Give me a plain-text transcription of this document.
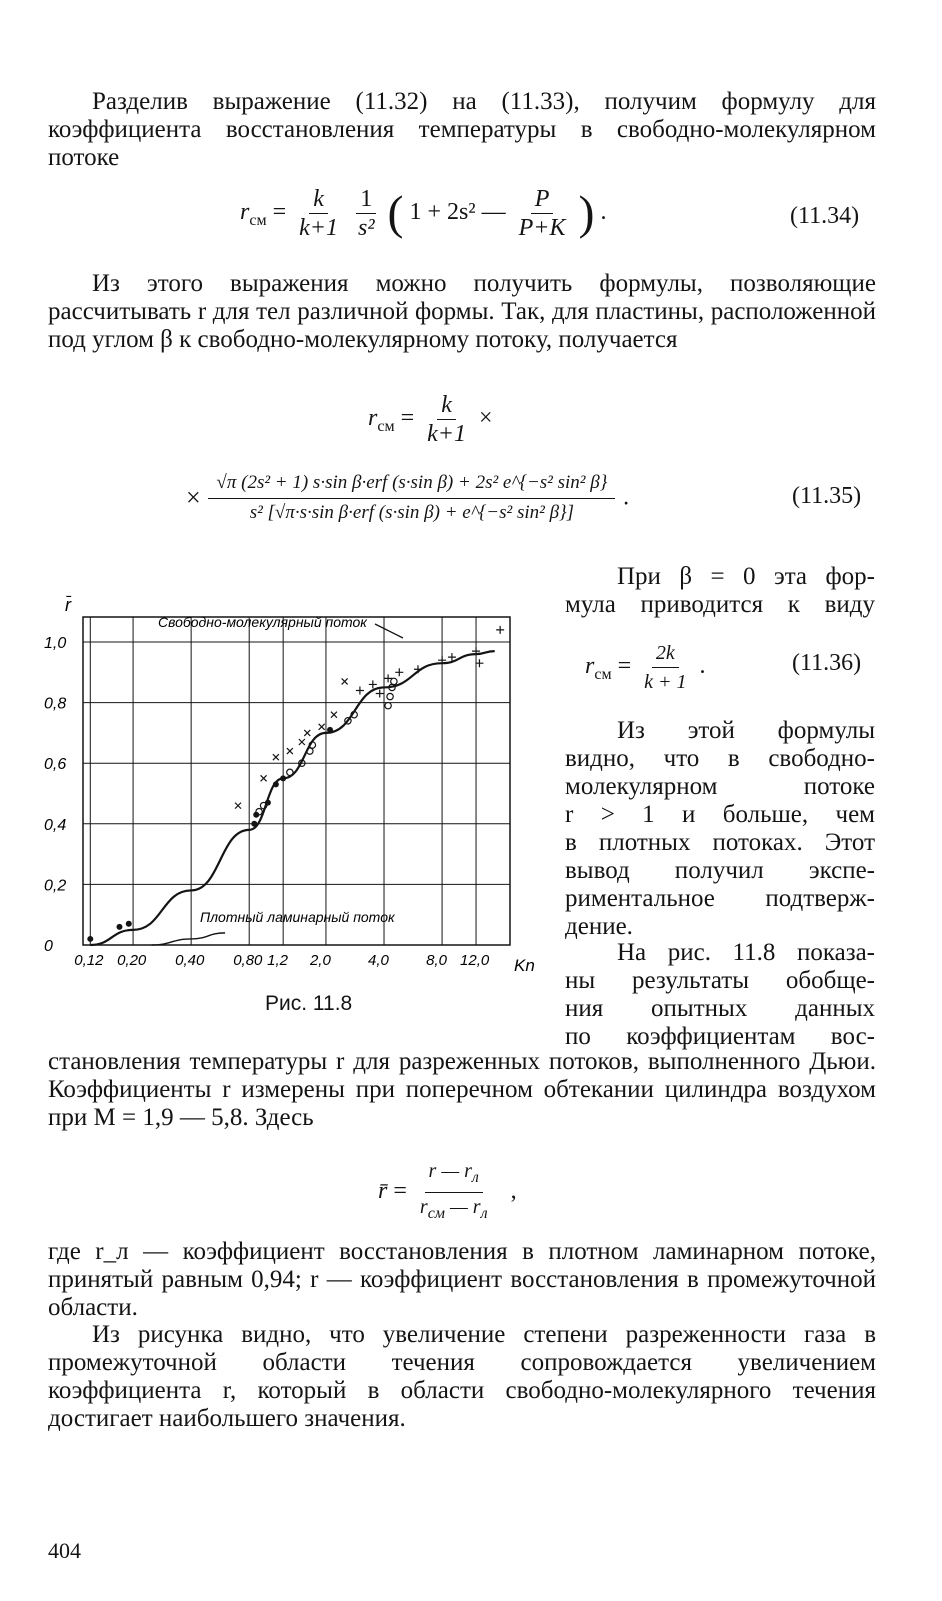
Разделив выражение (11.32) на (11.33), получим формулу для коэффициента восстановления температуры в свободно-молекулярном потоке

$r_{см} = \frac{k}{k+1}$
$\frac{1}{\text{s²}}$ ( 1 + 2s² — $\frac{P}{P+K}$ ) .	(11.34)

Из этого выражения можно получить формулы, позволяющие рассчитывать r для тел различной формы. Так, для пластины, расположенной под углом β к свободно-молекулярному потоку, получается

$r_{см} = \frac{k}{k+1}$ ×
× $\frac{\text{√π (2s² + 1) s·sin β·erf (s·sin β) + 2s² e\textasciicircum{}\{−s² sin² β\}}}{\text{s² [√π·s·sin β·erf (s·sin β) + e\textasciicircum{}\{−s² sin² β\}]}}$ .	(11.35)
При β = 0 эта фор-
мула приводится к виду
$r_{см} = \frac{2k}{k + 1}$ .	(11.36)
Из этой формулы
видно, что в свободно-
молекулярном потоке
r > 1 и больше, чем
в плотных потоках. Этот
вывод получил экспе-
риментальное подтверж-
дение.
На рис. 11.8 показа-
ны результаты обобще-
ния опытных данных
по коэффициентам вос-
r̄
0
0,2
0,4
0,6
0,8
1,0
0,12 0,20 0,40 0,80 1,2 2,0 4,0 8,0 12,0
Свободно-молекулярный поток
Плотный ламинарный поток
Kn
Рис. 11.8

становления температуры r для разреженных потоков, выполненного Дьюи. Коэффициенты r измерены при поперечном обтекании цилиндра воздухом при M = 1,9 — 5,8. Здесь

r̄ = $\frac{r — r_л}{r_{см} — r_л}$ ,

где r_л — коэффициент восстановления в плотном ламинарном потоке, принятый равным 0,94; r — коэффициент восстановления в промежуточной области.

Из рисунка видно, что увеличение степени разреженности газа в промежуточной области течения сопровождается увеличением коэффициента r, который в области свободно-молекулярного течения достигает наибольшего значения.

404
